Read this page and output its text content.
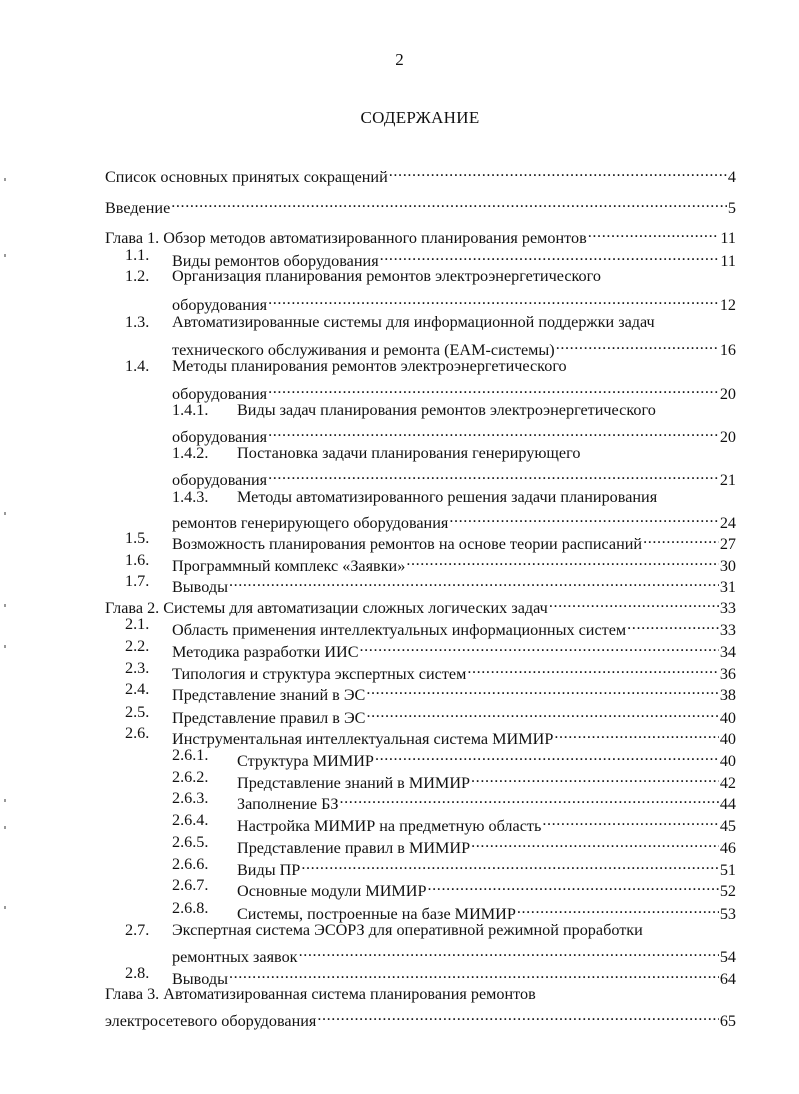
2
СОДЕРЖАНИЕ
Список основных принятых сокращений .....	4
Введение .....	5
Глава 1. Обзор методов автоматизированного планирования ремонтов .....	11
1.1. Виды ремонтов оборудования .....	11
1.2. Организация планирования ремонтов электроэнергетического
оборудования .....	12
1.3. Автоматизированные системы для информационной поддержки задач
технического обслуживания и ремонта (EAM-системы) .....	16
1.4. Методы планирования ремонтов электроэнергетического
оборудования .....	20
1.4.1. Виды задач планирования ремонтов электроэнергетического
оборудования .....	20
1.4.2. Постановка задачи планирования генерирующего
оборудования .....	21
1.4.3. Методы автоматизированного решения задачи планирования
ремонтов генерирующего оборудования .....	24
1.5. Возможность планирования ремонтов на основе теории расписаний .....	27
1.6. Программный комплекс «Заявки» .....	30
1.7. Выводы .....	31
Глава 2. Системы для автоматизации сложных логических задач .....	33
2.1. Область применения интеллектуальных информационных систем .....	33
2.2. Методика разработки ИИС .....	34
2.3. Типология и структура экспертных систем .....	36
2.4. Представление знаний в ЭС .....	38
2.5. Представление правил в ЭС .....	40
2.6. Инструментальная интеллектуальная система МИМИР .....	40
2.6.1. Структура МИМИР .....	40
2.6.2. Представление знаний в МИМИР .....	42
2.6.3. Заполнение БЗ .....	44
2.6.4. Настройка МИМИР на предметную область .....	45
2.6.5. Представление правил в МИМИР .....	46
2.6.6. Виды ПР .....	51
2.6.7. Основные модули МИМИР .....	52
2.6.8. Системы, построенные на базе МИМИР .....	53
2.7. Экспертная система ЭСОРЗ для оперативной режимной проработки
ремонтных заявок .....	54
2.8. Выводы .....	64
Глава 3. Автоматизированная система планирования ремонтов
электросетевого оборудования .....	65
